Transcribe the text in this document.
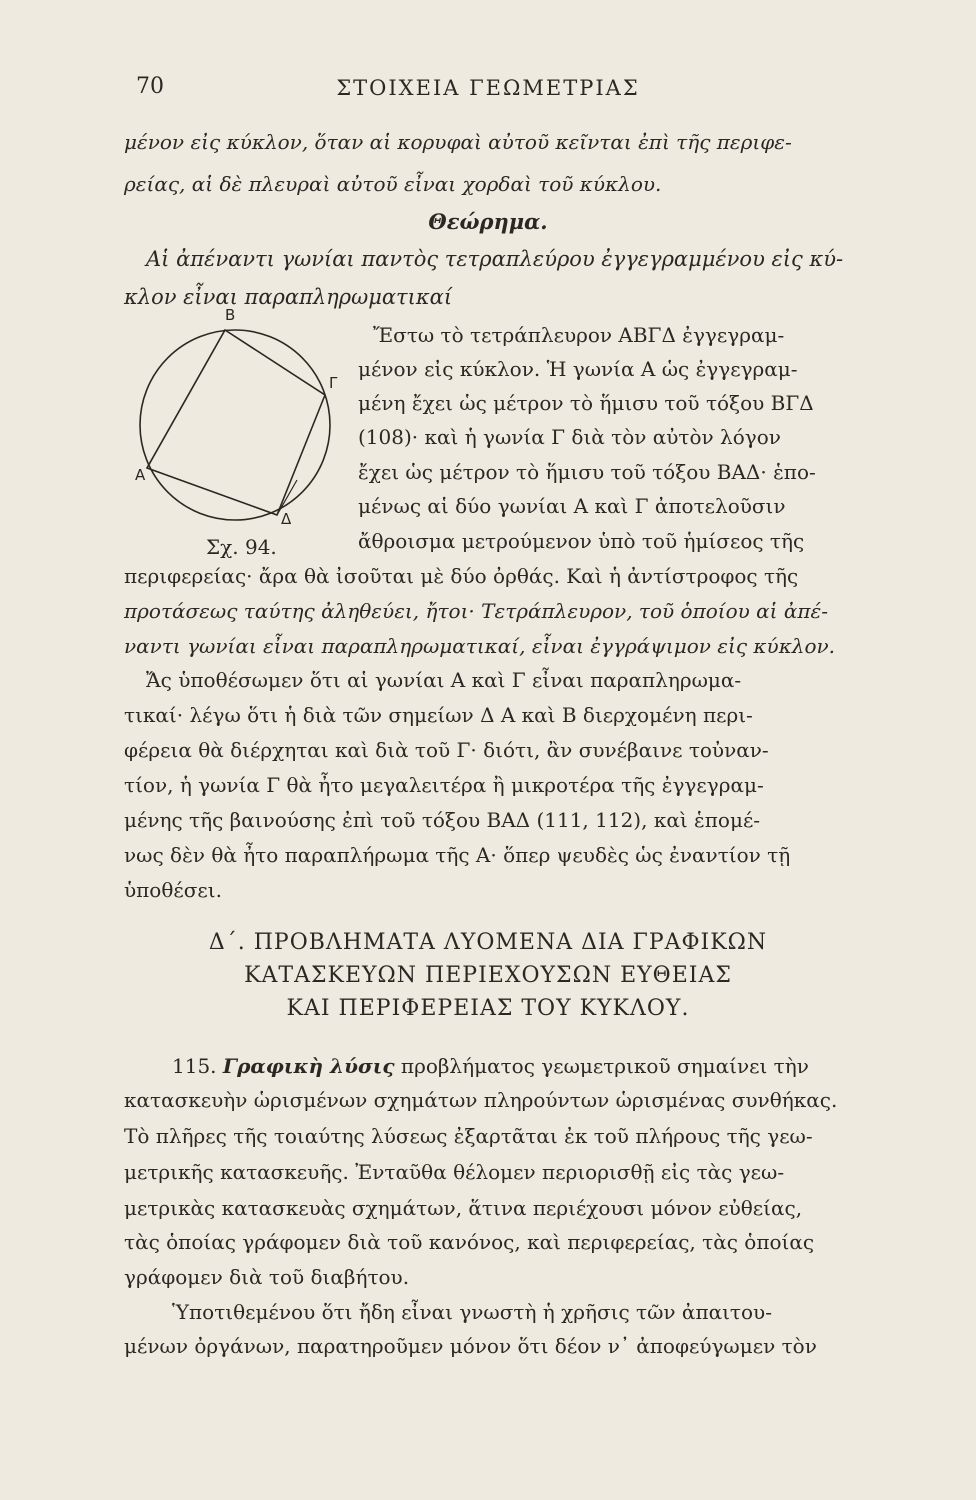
70	ΣΤΟΙΧΕΙΑ ΓΕΩΜΕΤΡΙΑΣ
μένον εἰς κύκλον, ὅταν αἱ κορυφαὶ αὐτοῦ κεῖνται ἐπὶ τῆς περιφε-
ρείας, αἱ δὲ πλευραὶ αὐτοῦ εἶναι χορδαὶ τοῦ κύκλου.
Θεώρημα.
Αἱ ἀπέναντι γωνίαι παντὸς τετραπλεύρου ἐγγεγραμμένου εἰς κύ-
κλον εἶναι παραπληρωματικαί
Β
Γ
Α
Δ
Σχ. 94.
Ἔστω τὸ τετράπλευρον ΑΒΓΔ ἐγγεγραμ-
μένον εἰς κύκλον. Ἡ γωνία Α ὡς ἐγγεγραμ-
μένη ἔχει ὡς μέτρον τὸ ἥμισυ τοῦ τόξου ΒΓΔ
(108)· καὶ ἡ γωνία Γ διὰ τὸν αὐτὸν λόγον
ἔχει ὡς μέτρον τὸ ἥμισυ τοῦ τόξου ΒΑΔ· ἑπο-
μένως αἱ δύο γωνίαι Α καὶ Γ ἀποτελοῦσιν
ἄθροισμα μετρούμενον ὑπὸ τοῦ ἡμίσεος τῆς
περιφερείας· ἄρα θὰ ἰσοῦται μὲ δύο ὀρθάς. Καὶ ἡ ἀντίστροφος τῆς
προτάσεως ταύτης ἀληθεύει, ἤτοι· Τετράπλευρον, τοῦ ὁποίου αἱ ἀπέ-
ναντι γωνίαι εἶναι παραπληρωματικαί, εἶναι ἐγγράψιμον εἰς κύκλον.
Ἄς ὑποθέσωμεν ὅτι αἱ γωνίαι Α καὶ Γ εἶναι παραπληρωμα-
τικαί· λέγω ὅτι ἡ διὰ τῶν σημείων Δ Α καὶ Β διερχομένη περι-
φέρεια θὰ διέρχηται καὶ διὰ τοῦ Γ· διότι, ἂν συνέβαινε τοὐναν-
τίον, ἡ γωνία Γ θὰ ἦτο μεγαλειτέρα ἢ μικροτέρα τῆς ἐγγεγραμ-
μένης τῆς βαινούσης ἐπὶ τοῦ τόξου ΒΑΔ (111, 112), καὶ ἑπομέ-
νως δὲν θὰ ἦτο παραπλήρωμα τῆς Α· ὅπερ ψευδὲς ὡς ἐναντίον τῇ
ὑποθέσει.
Δ΄. ΠΡΟΒΛΗΜΑΤΑ ΛΥΟΜΕΝΑ ΔΙΑ ΓΡΑΦΙΚΩΝ
ΚΑΤΑΣΚΕΥΩΝ ΠΕΡΙΕΧΟΥΣΩΝ ΕΥΘΕΙΑΣ
ΚΑΙ ΠΕΡΙΦΕΡΕΙΑΣ ΤΟΥ ΚΥΚΛΟΥ.
115. Γραφικὴ λύσις προβλήματος γεωμετρικοῦ σημαίνει τὴν
κατασκευὴν ὡρισμένων σχημάτων πληρούντων ὡρισμένας συνθήκας.
Τὸ πλῆρες τῆς τοιαύτης λύσεως ἐξαρτᾶται ἐκ τοῦ πλήρους τῆς γεω-
μετρικῆς κατασκευῆς. Ἐνταῦθα θέλομεν περιορισθῇ εἰς τὰς γεω-
μετρικὰς κατασκευὰς σχημάτων, ἅτινα περιέχουσι μόνον εὐθείας,
τὰς ὁποίας γράφομεν διὰ τοῦ κανόνος, καὶ περιφερείας, τὰς ὁποίας
γράφομεν διὰ τοῦ διαβήτου.
Ὑποτιθεμένου ὅτι ἤδη εἶναι γνωστὴ ἡ χρῆσις τῶν ἀπαιτου-
μένων ὀργάνων, παρατηροῦμεν μόνον ὅτι δέον ν᾿ ἀποφεύγωμεν τὸν
